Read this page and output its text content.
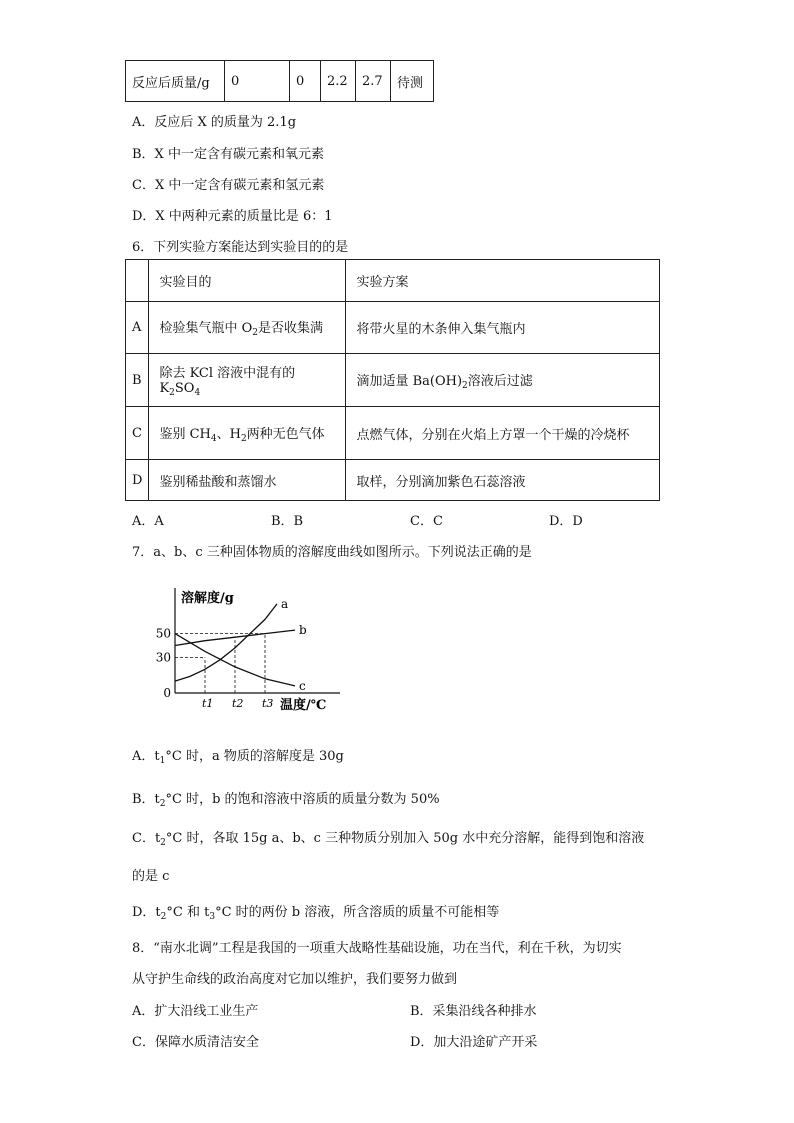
反应后质量/g	0	0	2.2	2.7	待测
A．反应后 X 的质量为 2.1g
B．X 中一定含有碳元素和氧元素
C．X 中一定含有碳元素和氢元素
D．X 中两种元素的质量比是 6：1
6．下列实验方案能达到实验目的的是
	实验目的	实验方案
A	检验集气瓶中 $O_2$是否收集满	将带火星的木条伸入集气瓶内
B	除去 KCl 溶液中混有的 $K_2SO_4$	滴加适量 $Ba(OH)_2$溶液后过滤
C	鉴别 $CH_4$、$H_2$两种无色气体	点燃气体，分别在火焰上方罩一个干燥的冷烧杯
D	鉴别稀盐酸和蒸馏水	取样，分别滴加紫色石蕊溶液
A．A	B．B	C．C	D．D
7．a、b、c 三种固体物质的溶解度曲线如图所示。下列说法正确的是
0
30
50
t1 t2 t3
溶解度/g
温度/℃
a
b
c
A．$t_1^\circ C$ 时，a 物质的溶解度是 30g
B．$t_2^\circ C$ 时，b 的饱和溶液中溶质的质量分数为 50%
C．$t_2^\circ C$ 时，各取 15g a、b、c 三种物质分别加入 50g 水中充分溶解，能得到饱和溶液
的是 c
D．$t_2^\circ C$ 和 $t_3^\circ C$ 时的两份 b 溶液，所含溶质的质量不可能相等
8．“南水北调”工程是我国的一项重大战略性基础设施，功在当代，利在千秋，为切实
从守护生命线的政治高度对它加以维护，我们要努力做到
A．扩大沿线工业生产	B．采集沿线各种排水
C．保障水质清洁安全	D．加大沿途矿产开采
